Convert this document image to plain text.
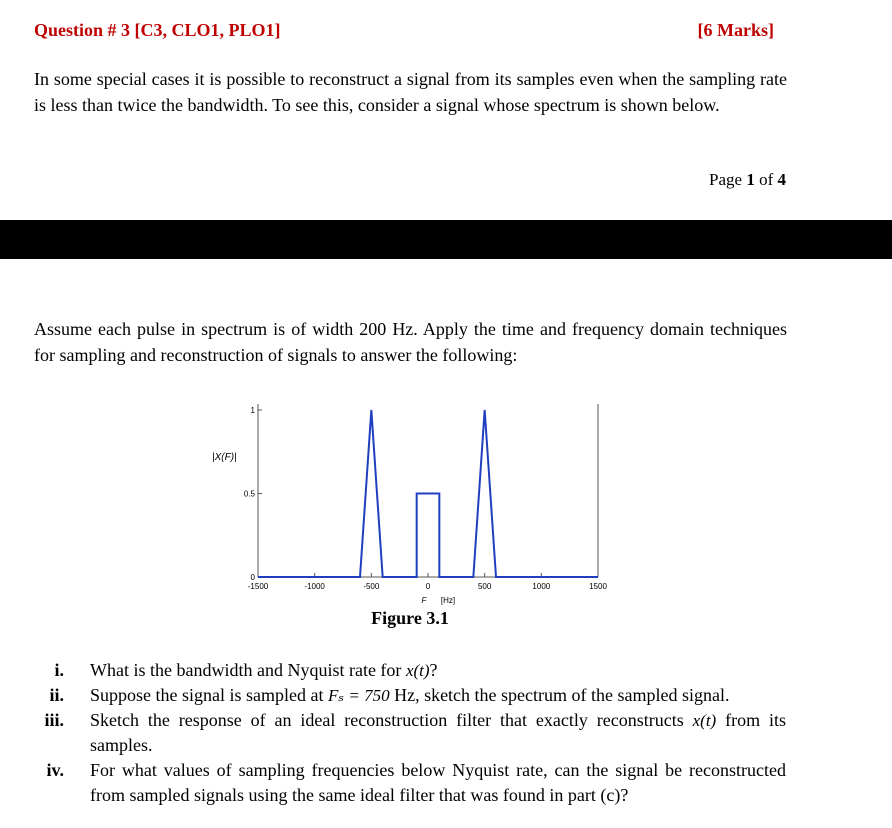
Question # 3 [C3, CLO1, PLO1]	[6 Marks]
In some special cases it is possible to reconstruct a signal from its samples even when the sampling rate is less than twice the bandwidth. To see this, consider a signal whose spectrum is shown below.
Page 1 of 4
Assume each pulse in spectrum is of width 200 Hz. Apply the time and frequency domain techniques for sampling and reconstruction of signals to answer the following:
-1500	-1000	-500	0	500	1000	1500
0
0.5
1
|X(F)|
F [Hz]
Figure 3.1
i.	What is the bandwidth and Nyquist rate for x(t)?
ii.	Suppose the signal is sampled at Fₛ = 750 Hz, sketch the spectrum of the sampled signal.
iii.	Sketch the response of an ideal reconstruction filter that exactly reconstructs x(t) from its samples.
iv.	For what values of sampling frequencies below Nyquist rate, can the signal be reconstructed from sampled signals using the same ideal filter that was found in part (c)?
